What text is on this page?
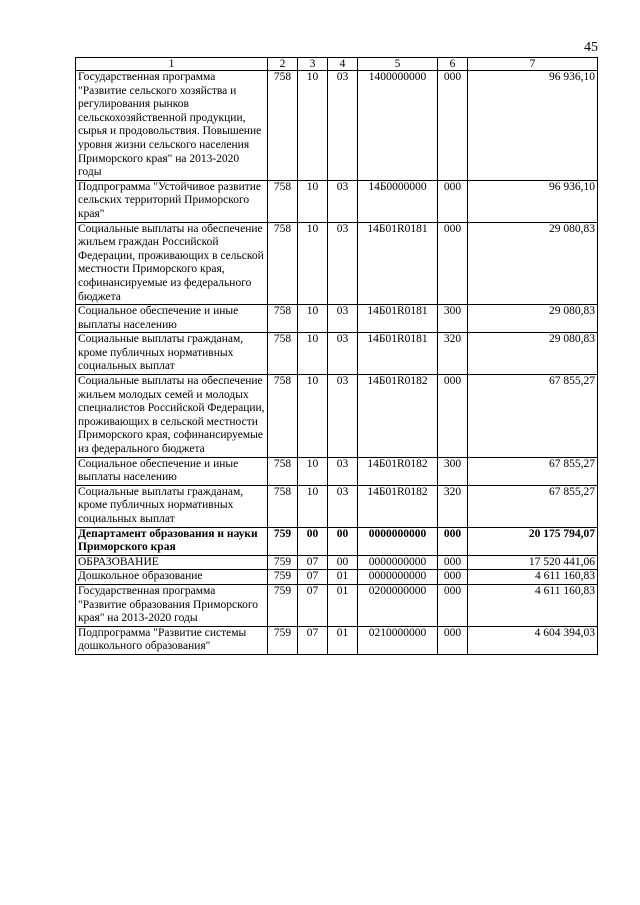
45
1	2	3	4	5	6	7
Государственная программа "Развитие сельского хозяйства и регулирования рынков сельскохозяйственной продукции, сырья и продовольствия. Повышение уровня жизни сельского населения Приморского края" на 2013-2020 годы	758	10	03	1400000000	000	96 936,10
Подпрограмма "Устойчивое развитие сельских территорий Приморского края"	758	10	03	14Б0000000	000	96 936,10
Социальные выплаты на обеспечение жильем граждан Российской Федерации, проживающих в сельской местности Приморского края, софинансируемые из федерального бюджета	758	10	03	14Б01R0181	000	29 080,83
Социальное обеспечение и иные выплаты населению	758	10	03	14Б01R0181	300	29 080,83
Социальные выплаты гражданам, кроме публичных нормативных социальных выплат	758	10	03	14Б01R0181	320	29 080,83
Социальные выплаты на обеспечение жильем молодых семей и молодых специалистов Российской Федерации, проживающих в сельской местности Приморского края, софинансируемые из федерального бюджета	758	10	03	14Б01R0182	000	67 855,27
Социальное обеспечение и иные выплаты населению	758	10	03	14Б01R0182	300	67 855,27
Социальные выплаты гражданам, кроме публичных нормативных социальных выплат	758	10	03	14Б01R0182	320	67 855,27
Департамент образования и науки Приморского края	759	00	00	0000000000	000	20 175 794,07
ОБРАЗОВАНИЕ	759	07	00	0000000000	000	17 520 441,06
Дошкольное образование	759	07	01	0000000000	000	4 611 160,83
Государственная программа "Развитие образования Приморского края" на 2013-2020 годы	759	07	01	0200000000	000	4 611 160,83
Подпрограмма "Развитие системы дошкольного образования"	759	07	01	0210000000	000	4 604 394,03
